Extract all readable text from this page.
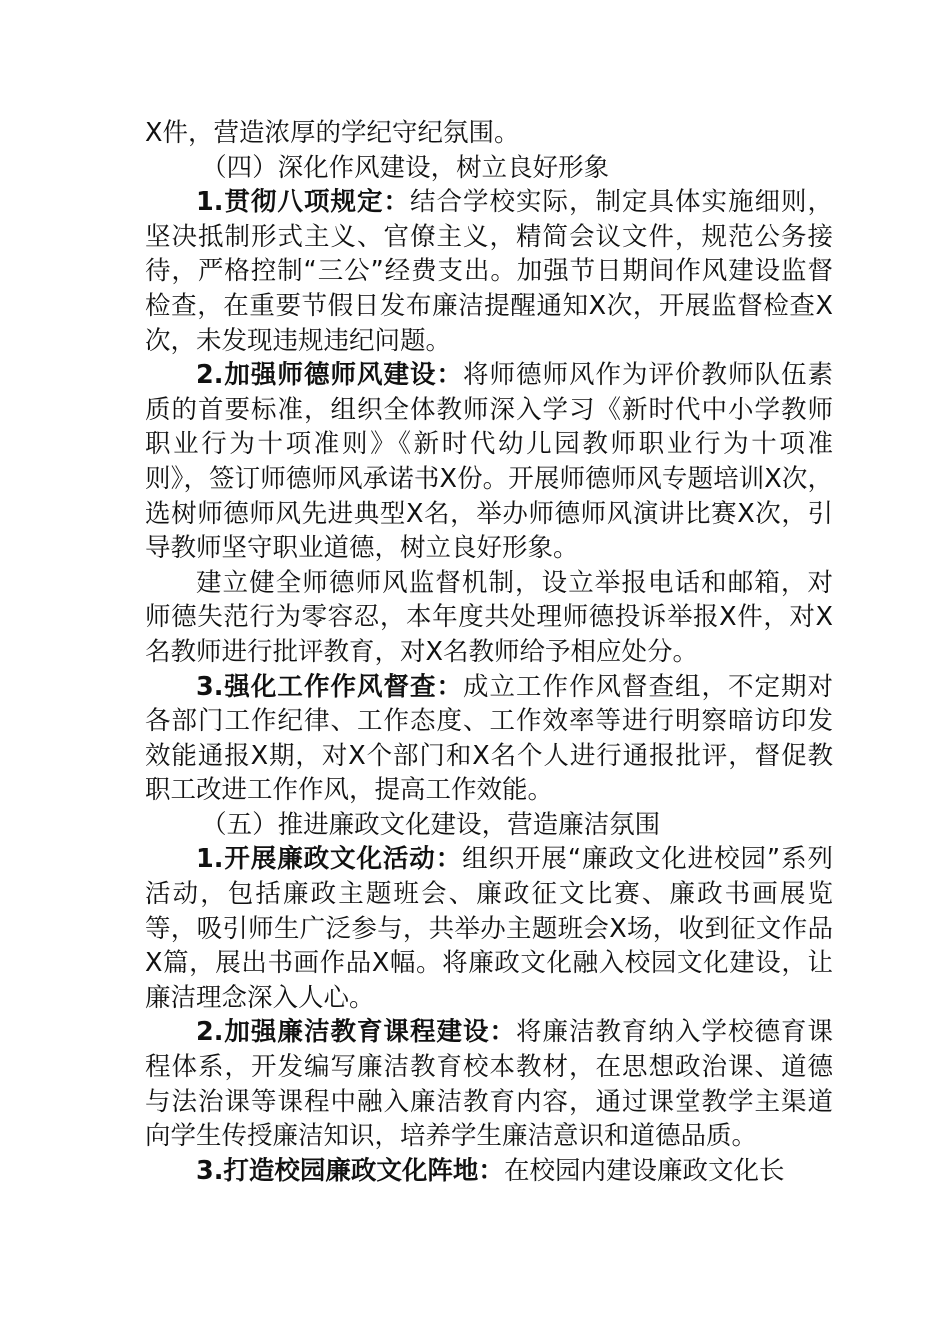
X件，营造浓厚的学纪守纪氛围。

（四）深化作风建设，树立良好形象

1.贯彻八项规定：结合学校实际，制定具体实施细则，坚决抵制形式主义、官僚主义，精简会议文件，规范公务接待，严格控制“三公”经费支出。加强节日期间作风建设监督检查，在重要节假日发布廉洁提醒通知X次，开展监督检查X次，未发现违规违纪问题。

2.加强师德师风建设：将师德师风作为评价教师队伍素质的首要标准，组织全体教师深入学习《新时代中小学教师职业行为十项准则》《新时代幼儿园教师职业行为十项准则》，签订师德师风承诺书X份。开展师德师风专题培训X次，选树师德师风先进典型X名，举办师德师风演讲比赛X次，引导教师坚守职业道德，树立良好形象。

建立健全师德师风监督机制，设立举报电话和邮箱，对师德失范行为零容忍，本年度共处理师德投诉举报X件，对X名教师进行批评教育，对X名教师给予相应处分。

3.强化工作作风督查：成立工作作风督查组，不定期对各部门工作纪律、工作态度、工作效率等进行明察暗访印发效能通报X期，对X个部门和X名个人进行通报批评，督促教职工改进工作作风，提高工作效能。

（五）推进廉政文化建设，营造廉洁氛围

1.开展廉政文化活动：组织开展“廉政文化进校园”系列活动，包括廉政主题班会、廉政征文比赛、廉政书画展览等，吸引师生广泛参与，共举办主题班会X场，收到征文作品X篇，展出书画作品X幅。将廉政文化融入校园文化建设，让廉洁理念深入人心。

2.加强廉洁教育课程建设：将廉洁教育纳入学校德育课程体系，开发编写廉洁教育校本教材，在思想政治课、道德与法治课等课程中融入廉洁教育内容，通过课堂教学主渠道向学生传授廉洁知识，培养学生廉洁意识和道德品质。

3.打造校园廉政文化阵地：在校园内建设廉政文化长
